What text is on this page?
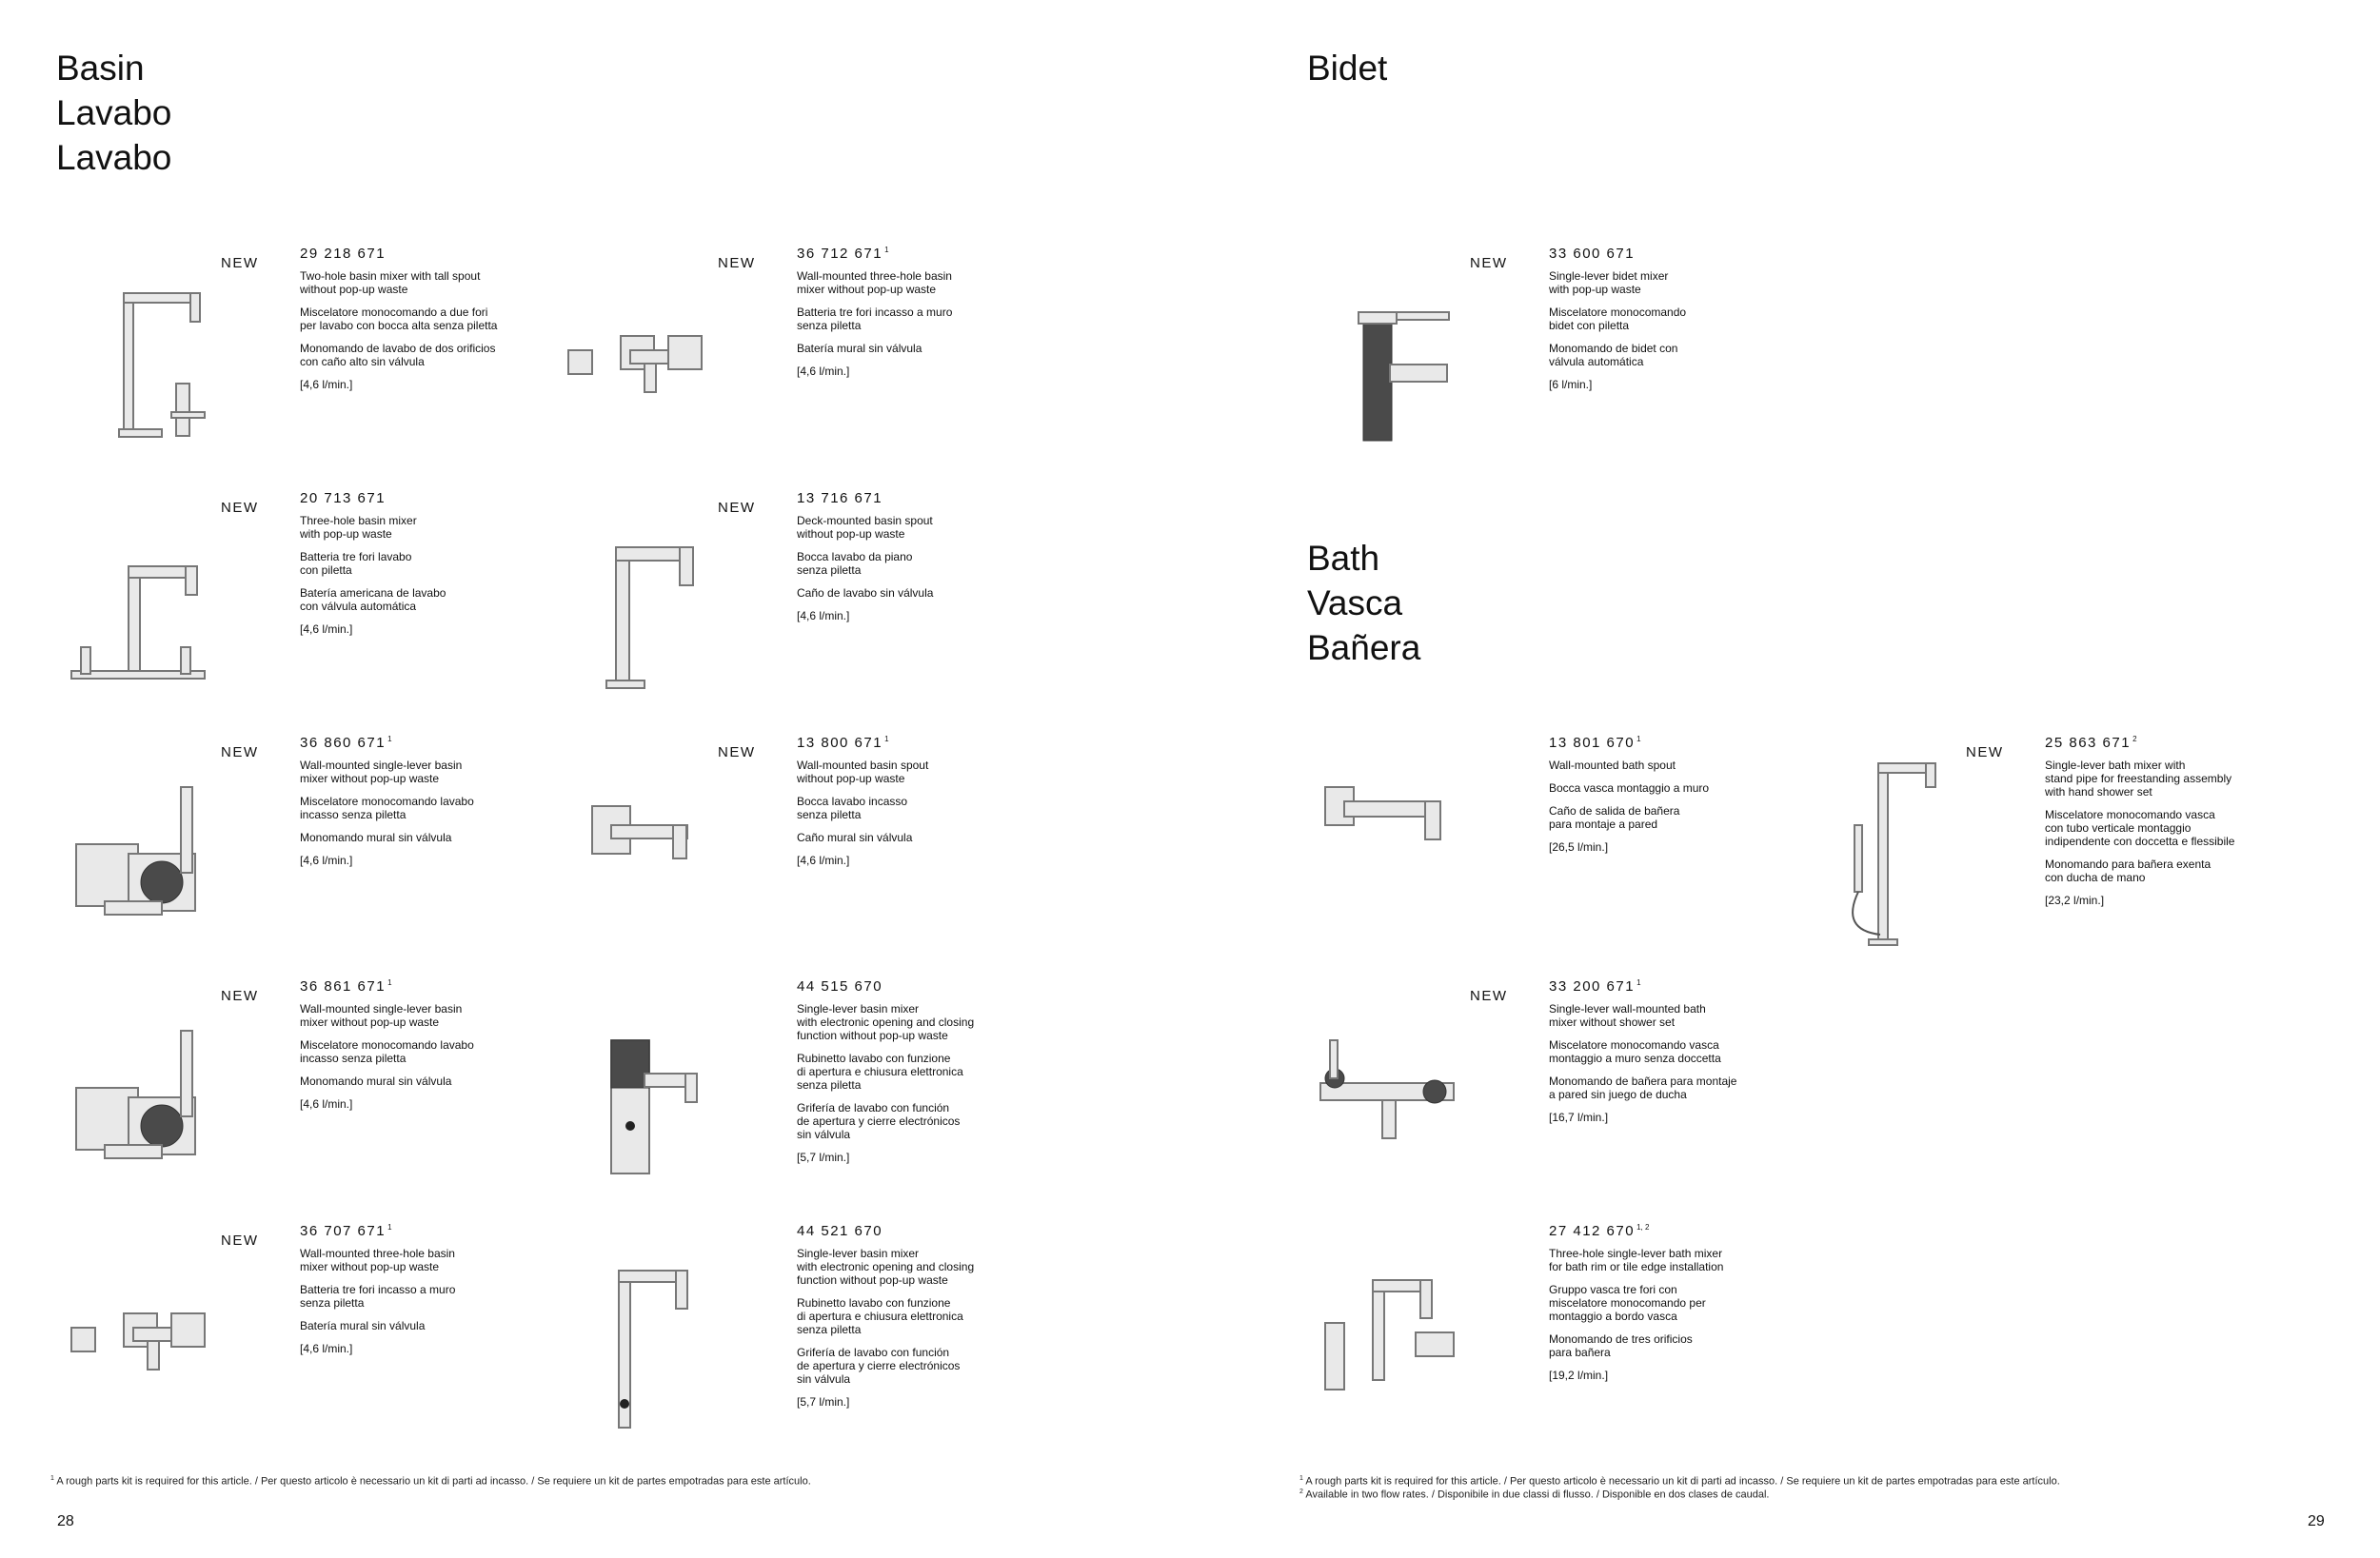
Basin
Lavabo
Lavabo
Bidet
Bath
Vasca
Bañera
NEW
29 218 671
Two-hole basin mixer with tall spout
without pop-up waste
Miscelatore monocomando a due fori
per lavabo con bocca alta senza piletta
Monomando de lavabo de dos orificios
con caño alto sin válvula
[4,6 l/min.]
NEW
36 712 671 $^1$
Wall-mounted three-hole basin
mixer without pop-up waste
Batteria tre fori incasso a muro
senza piletta
Batería mural sin válvula
[4,6 l/min.]
NEW
20 713 671
Three-hole basin mixer
with pop-up waste
Batteria tre fori lavabo
con piletta
Batería americana de lavabo
con válvula automática
[4,6 l/min.]
NEW
13 716 671
Deck-mounted basin spout
without pop-up waste
Bocca lavabo da piano
senza piletta
Caño de lavabo sin válvula
[4,6 l/min.]
NEW
36 860 671 $^1$
Wall-mounted single-lever basin
mixer without pop-up waste
Miscelatore monocomando lavabo
incasso senza piletta
Monomando mural sin válvula
[4,6 l/min.]
NEW
13 800 671 $^1$
Wall-mounted basin spout
without pop-up waste
Bocca lavabo incasso
senza piletta
Caño mural sin válvula
[4,6 l/min.]
NEW
36 861 671 $^1$
Wall-mounted single-lever basin
mixer without pop-up waste
Miscelatore monocomando lavabo
incasso senza piletta
Monomando mural sin válvula
[4,6 l/min.]
44 515 670
Single-lever basin mixer
with electronic opening and closing
function without pop-up waste
Rubinetto lavabo con funzione
di apertura e chiusura elettronica
senza piletta
Grifería de lavabo con función
de apertura y cierre electrónicos
sin válvula
[5,7 l/min.]
NEW
36 707 671 $^1$
Wall-mounted three-hole basin
mixer without pop-up waste
Batteria tre fori incasso a muro
senza piletta
Batería mural sin válvula
[4,6 l/min.]
44 521 670
Single-lever basin mixer
with electronic opening and closing
function without pop-up waste
Rubinetto lavabo con funzione
di apertura e chiusura elettronica
senza piletta
Grifería de lavabo con función
de apertura y cierre electrónicos
sin válvula
[5,7 l/min.]
NEW
33 600 671
Single-lever bidet mixer
with pop-up waste
Miscelatore monocomando
bidet con piletta
Monomando de bidet con
válvula automática
[6 l/min.]
13 801 670 $^1$
Wall-mounted bath spout
Bocca vasca montaggio a muro
Caño de salida de bañera
para montaje a pared
[26,5 l/min.]
NEW
25 863 671 $^2$
Single-lever bath mixer with
stand pipe for freestanding assembly
with hand shower set
Miscelatore monocomando vasca
con tubo verticale montaggio
indipendente con doccetta e flessibile
Monomando para bañera exenta
con ducha de mano
[23,2 l/min.]
NEW
33 200 671 $^1$
Single-lever wall-mounted bath
mixer without shower set
Miscelatore monocomando vasca
montaggio a muro senza doccetta
Monomando de bañera para montaje
a pared sin juego de ducha
[16,7 l/min.]
27 412 670 $^{1, 2}$
Three-hole single-lever bath mixer
for bath rim or tile edge installation
Gruppo vasca tre fori con
miscelatore monocomando per
montaggio a bordo vasca
Monomando de tres orificios
para bañera
[19,2 l/min.]
$^1$ A rough parts kit is required for this article. / Per questo articolo è necessario un kit di parti ad incasso. / Se requiere un kit de partes empotradas para este artículo.	$^1$ A rough parts kit is required for this article. / Per questo articolo è necessario un kit di parti ad incasso. / Se requiere un kit de partes empotradas para este artículo.
$^2$ Available in two flow rates. / Disponibile in due classi di flusso. / Disponible en dos clases de caudal.
28	29
